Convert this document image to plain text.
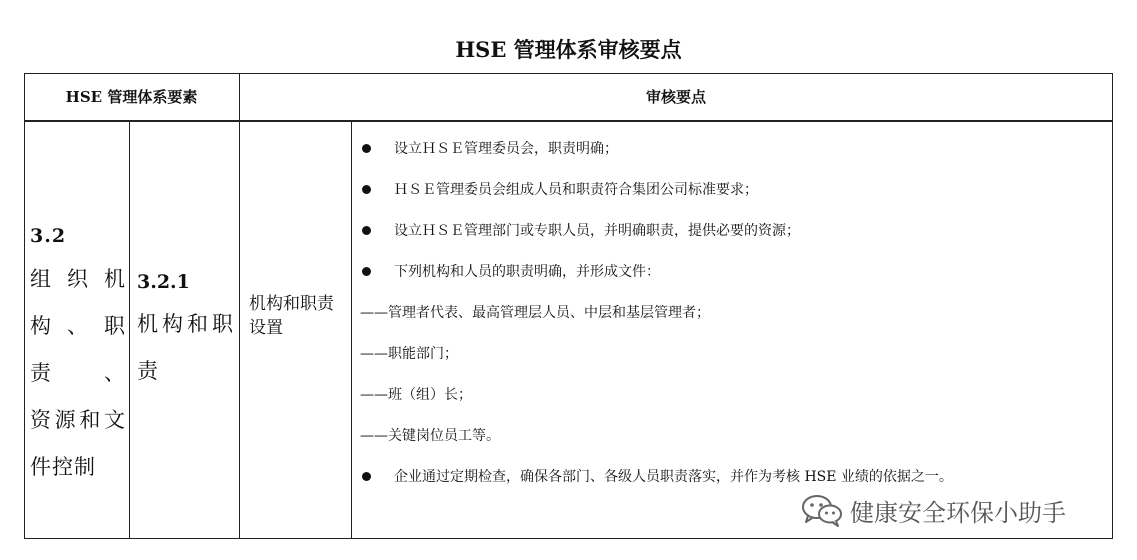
HSE 管理体系审核要点
HSE 管理体系要素	审核要点
3.2
组 织 机
构、职责、
资源和文
件控制
3.2.1
机构和职
责
机构和职责设置
设立ＨＳＥ管理委员会，职责明确；
ＨＳＥ管理委员会组成人员和职责符合集团公司标准要求；
设立ＨＳＥ管理部门或专职人员，并明确职责，提供必要的资源；
下列机构和人员的职责明确，并形成文件：
——管理者代表、最高管理层人员、中层和基层管理者；
——职能部门；
——班（组）长；
——关键岗位员工等。
企业通过定期检查，确保各部门、各级人员职责落实，并作为考核 HSE 业绩的依据之一。
健康安全环保小助手
